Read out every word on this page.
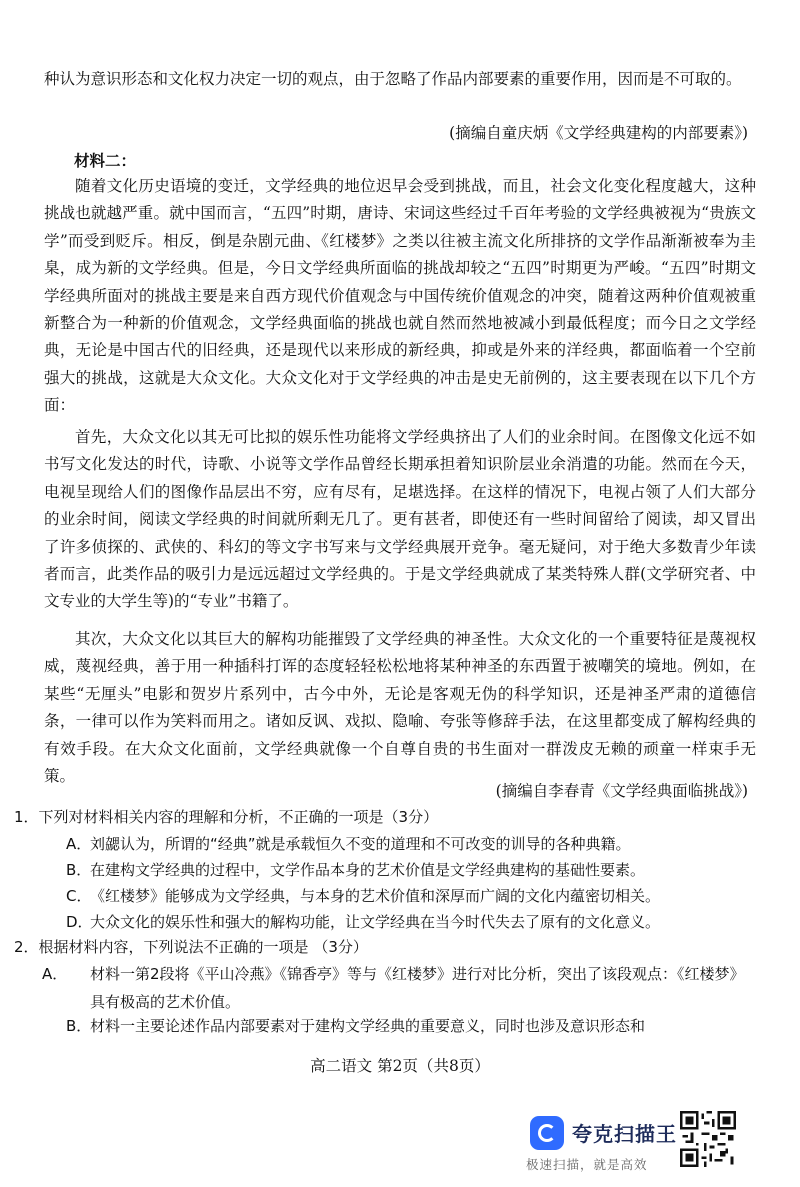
种认为意识形态和文化权力决定一切的观点，由于忽略了作品内部要素的重要作用，因而是不可取的。

(摘编自童庆炳《文学经典建构的内部要素》)
材料二：

随着文化历史语境的变迁，文学经典的地位迟早会受到挑战，而且，社会文化变化程度越大，这种挑战也就越严重。就中国而言，“五四”时期，唐诗、宋词这些经过千百年考验的文学经典被视为“贵族文学”而受到贬斥。相反，倒是杂剧元曲、《红楼梦》之类以往被主流文化所排挤的文学作品渐渐被奉为圭臬，成为新的文学经典。但是，今日文学经典所面临的挑战却较之“五四”时期更为严峻。“五四”时期文学经典所面对的挑战主要是来自西方现代价值观念与中国传统价值观念的冲突，随着这两种价值观被重新整合为一种新的价值观念，文学经典面临的挑战也就自然而然地被减小到最低程度；而今日之文学经典，无论是中国古代的旧经典，还是现代以来形成的新经典，抑或是外来的洋经典，都面临着一个空前强大的挑战，这就是大众文化。大众文化对于文学经典的冲击是史无前例的，这主要表现在以下几个方面：

首先，大众文化以其无可比拟的娱乐性功能将文学经典挤出了人们的业余时间。在图像文化远不如书写文化发达的时代，诗歌、小说等文学作品曾经长期承担着知识阶层业余消遣的功能。然而在今天，电视呈现给人们的图像作品层出不穷，应有尽有，足堪选择。在这样的情况下，电视占领了人们大部分的业余时间，阅读文学经典的时间就所剩无几了。更有甚者，即使还有一些时间留给了阅读，却又冒出了许多侦探的、武侠的、科幻的等文字书写来与文学经典展开竞争。毫无疑问，对于绝大多数青少年读者而言，此类作品的吸引力是远远超过文学经典的。于是文学经典就成了某类特殊人群(文学研究者、中文专业的大学生等)的“专业”书籍了。

其次，大众文化以其巨大的解构功能摧毁了文学经典的神圣性。大众文化的一个重要特征是蔑视权威，蔑视经典，善于用一种插科打诨的态度轻轻松松地将某种神圣的东西置于被嘲笑的境地。例如，在某些“无厘头”电影和贺岁片系列中，古今中外，无论是客观无伪的科学知识，还是神圣严肃的道德信条，一律可以作为笑料而用之。诸如反讽、戏拟、隐喻、夸张等修辞手法，在这里都变成了解构经典的有效手段。在大众文化面前，文学经典就像一个自尊自贵的书生面对一群泼皮无赖的顽童一样束手无策。

(摘编自李春青《文学经典面临挑战》)
1．下列对材料相关内容的理解和分析，不正确的一项是（3分）
A．刘勰认为，所谓的“经典”就是承载恒久不变的道理和不可改变的训导的各种典籍。
B．在建构文学经典的过程中，文学作品本身的艺术价值是文学经典建构的基础性要素。
C．《红楼梦》能够成为文学经典，与本身的艺术价值和深厚而广阔的文化内蕴密切相关。
D．大众文化的娱乐性和强大的解构功能，让文学经典在当今时代失去了原有的文化意义。
2．根据材料内容，下列说法不正确的一项是 （3分）
A． 材料一第2段将《平山冷燕》《锦香亭》等与《红楼梦》进行对比分析，突出了该段观点：《红楼梦》具有极高的艺术价值。
B．材料一主要论述作品内部要素对于建构文学经典的重要意义，同时也涉及意识形态和
高二语文 第2页（共8页）
夸克扫描王
极速扫描，就是高效
